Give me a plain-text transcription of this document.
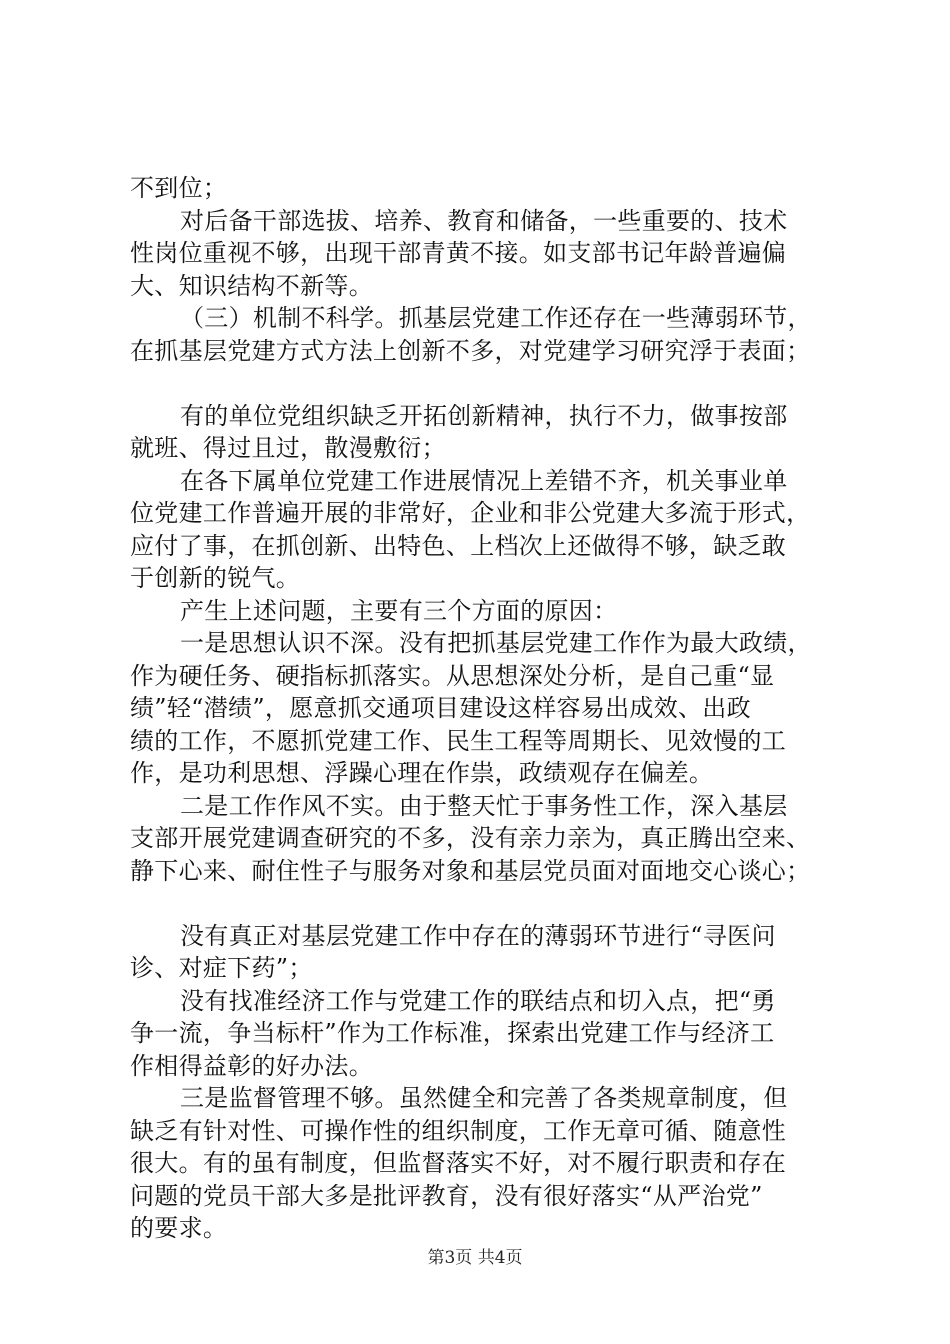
不到位；
对后备干部选拔、培养、教育和储备，一些重要的、技术
性岗位重视不够，出现干部青黄不接。如支部书记年龄普遍偏
大、知识结构不新等。
（三）机制不科学。抓基层党建工作还存在一些薄弱环节，
在抓基层党建方式方法上创新不多，对党建学习研究浮于表面；
有的单位党组织缺乏开拓创新精神，执行不力，做事按部
就班、得过且过，散漫敷衍；
在各下属单位党建工作进展情况上差错不齐，机关事业单
位党建工作普遍开展的非常好，企业和非公党建大多流于形式，
应付了事，在抓创新、出特色、上档次上还做得不够，缺乏敢
于创新的锐气。
产生上述问题，主要有三个方面的原因：
一是思想认识不深。没有把抓基层党建工作作为最大政绩，
作为硬任务、硬指标抓落实。从思想深处分析，是自己重“显
绩”轻“潜绩”，愿意抓交通项目建设这样容易出成效、出政
绩的工作，不愿抓党建工作、民生工程等周期长、见效慢的工
作，是功利思想、浮躁心理在作祟，政绩观存在偏差。
二是工作作风不实。由于整天忙于事务性工作，深入基层
支部开展党建调查研究的不多，没有亲力亲为，真正腾出空来、
静下心来、耐住性子与服务对象和基层党员面对面地交心谈心；
没有真正对基层党建工作中存在的薄弱环节进行“寻医问
诊、对症下药”；
没有找准经济工作与党建工作的联结点和切入点，把“勇
争一流，争当标杆”作为工作标准，探索出党建工作与经济工
作相得益彰的好办法。
三是监督管理不够。虽然健全和完善了各类规章制度，但
缺乏有针对性、可操作性的组织制度，工作无章可循、随意性
很大。有的虽有制度，但监督落实不好，对不履行职责和存在
问题的党员干部大多是批评教育，没有很好落实“从严治党”
的要求。
第3页 共4页
